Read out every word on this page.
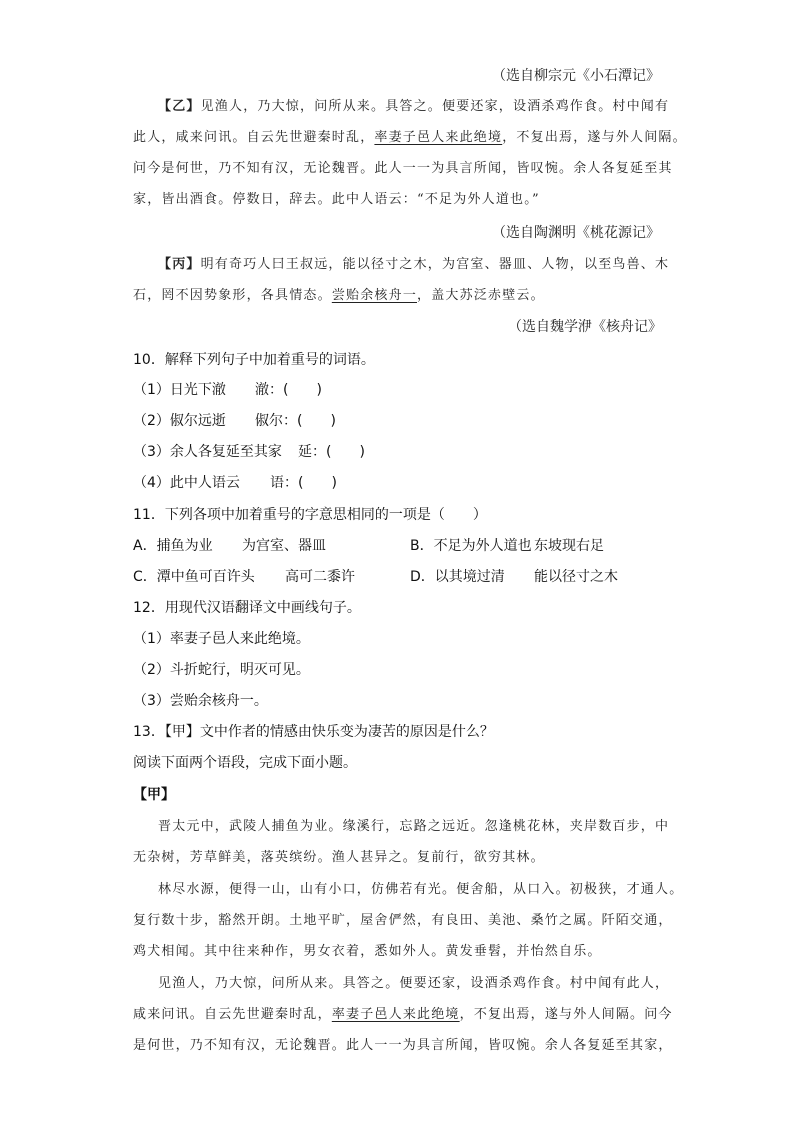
（选自柳宗元《小石潭记》
【乙】见渔人，乃大惊，问所从来。具答之。便要还家，设酒杀鸡作食。村中闻有
此人，咸来问讯。自云先世避秦时乱，率妻子邑人来此绝境，不复出焉，遂与外人间隔。
问今是何世，乃不知有汉，无论魏晋。此人一一为具言所闻，皆叹惋。余人各复延至其
家，皆出酒食。停数日，辞去。此中人语云：“不足为外人道也。”
（选自陶渊明《桃花源记》
【丙】明有奇巧人曰王叔远，能以径寸之木，为宫室、器皿、人物，以至鸟兽、木
石，罔不因势象形，各具情态。尝贻余核舟一，盖大苏泛赤壁云。
（选自魏学洢《核舟记》
10．解释下列句子中加着重号的词语。
（1）日光下澈 澈：(　　)
（2）俶尔远逝 俶尔：(　　)
（3）余人各复延至其家 延：(　　)
（4）此中人语云 语：(　　)
11．下列各项中加着重号的字意思相同的一项是（　　）
A．捕鱼为业 为宫室、器皿	B．不足为外人道也 东坡现右足
C．潭中鱼可百许头 高可二黍许	D．以其境过清 能以径寸之木
12．用现代汉语翻译文中画线句子。
（1）率妻子邑人来此绝境。
（2）斗折蛇行，明灭可见。
（3）尝贻余核舟一。
13．【甲】文中作者的情感由快乐变为凄苦的原因是什么？
阅读下面两个语段，完成下面小题。
【甲】
晋太元中，武陵人捕鱼为业。缘溪行，忘路之远近。忽逢桃花林，夹岸数百步，中
无杂树，芳草鲜美，落英缤纷。渔人甚异之。复前行，欲穷其林。
林尽水源，便得一山，山有小口，仿佛若有光。便舍船，从口入。初极狭，才通人。
复行数十步，豁然开朗。土地平旷，屋舍俨然，有良田、美池、桑竹之属。阡陌交通，
鸡犬相闻。其中往来种作，男女衣着，悉如外人。黄发垂髫，并怡然自乐。
见渔人，乃大惊，问所从来。具答之。便要还家，设酒杀鸡作食。村中闻有此人，
咸来问讯。自云先世避秦时乱，率妻子邑人来此绝境，不复出焉，遂与外人间隔。问今
是何世，乃不知有汉，无论魏晋。此人一一为具言所闻，皆叹惋。余人各复延至其家，
